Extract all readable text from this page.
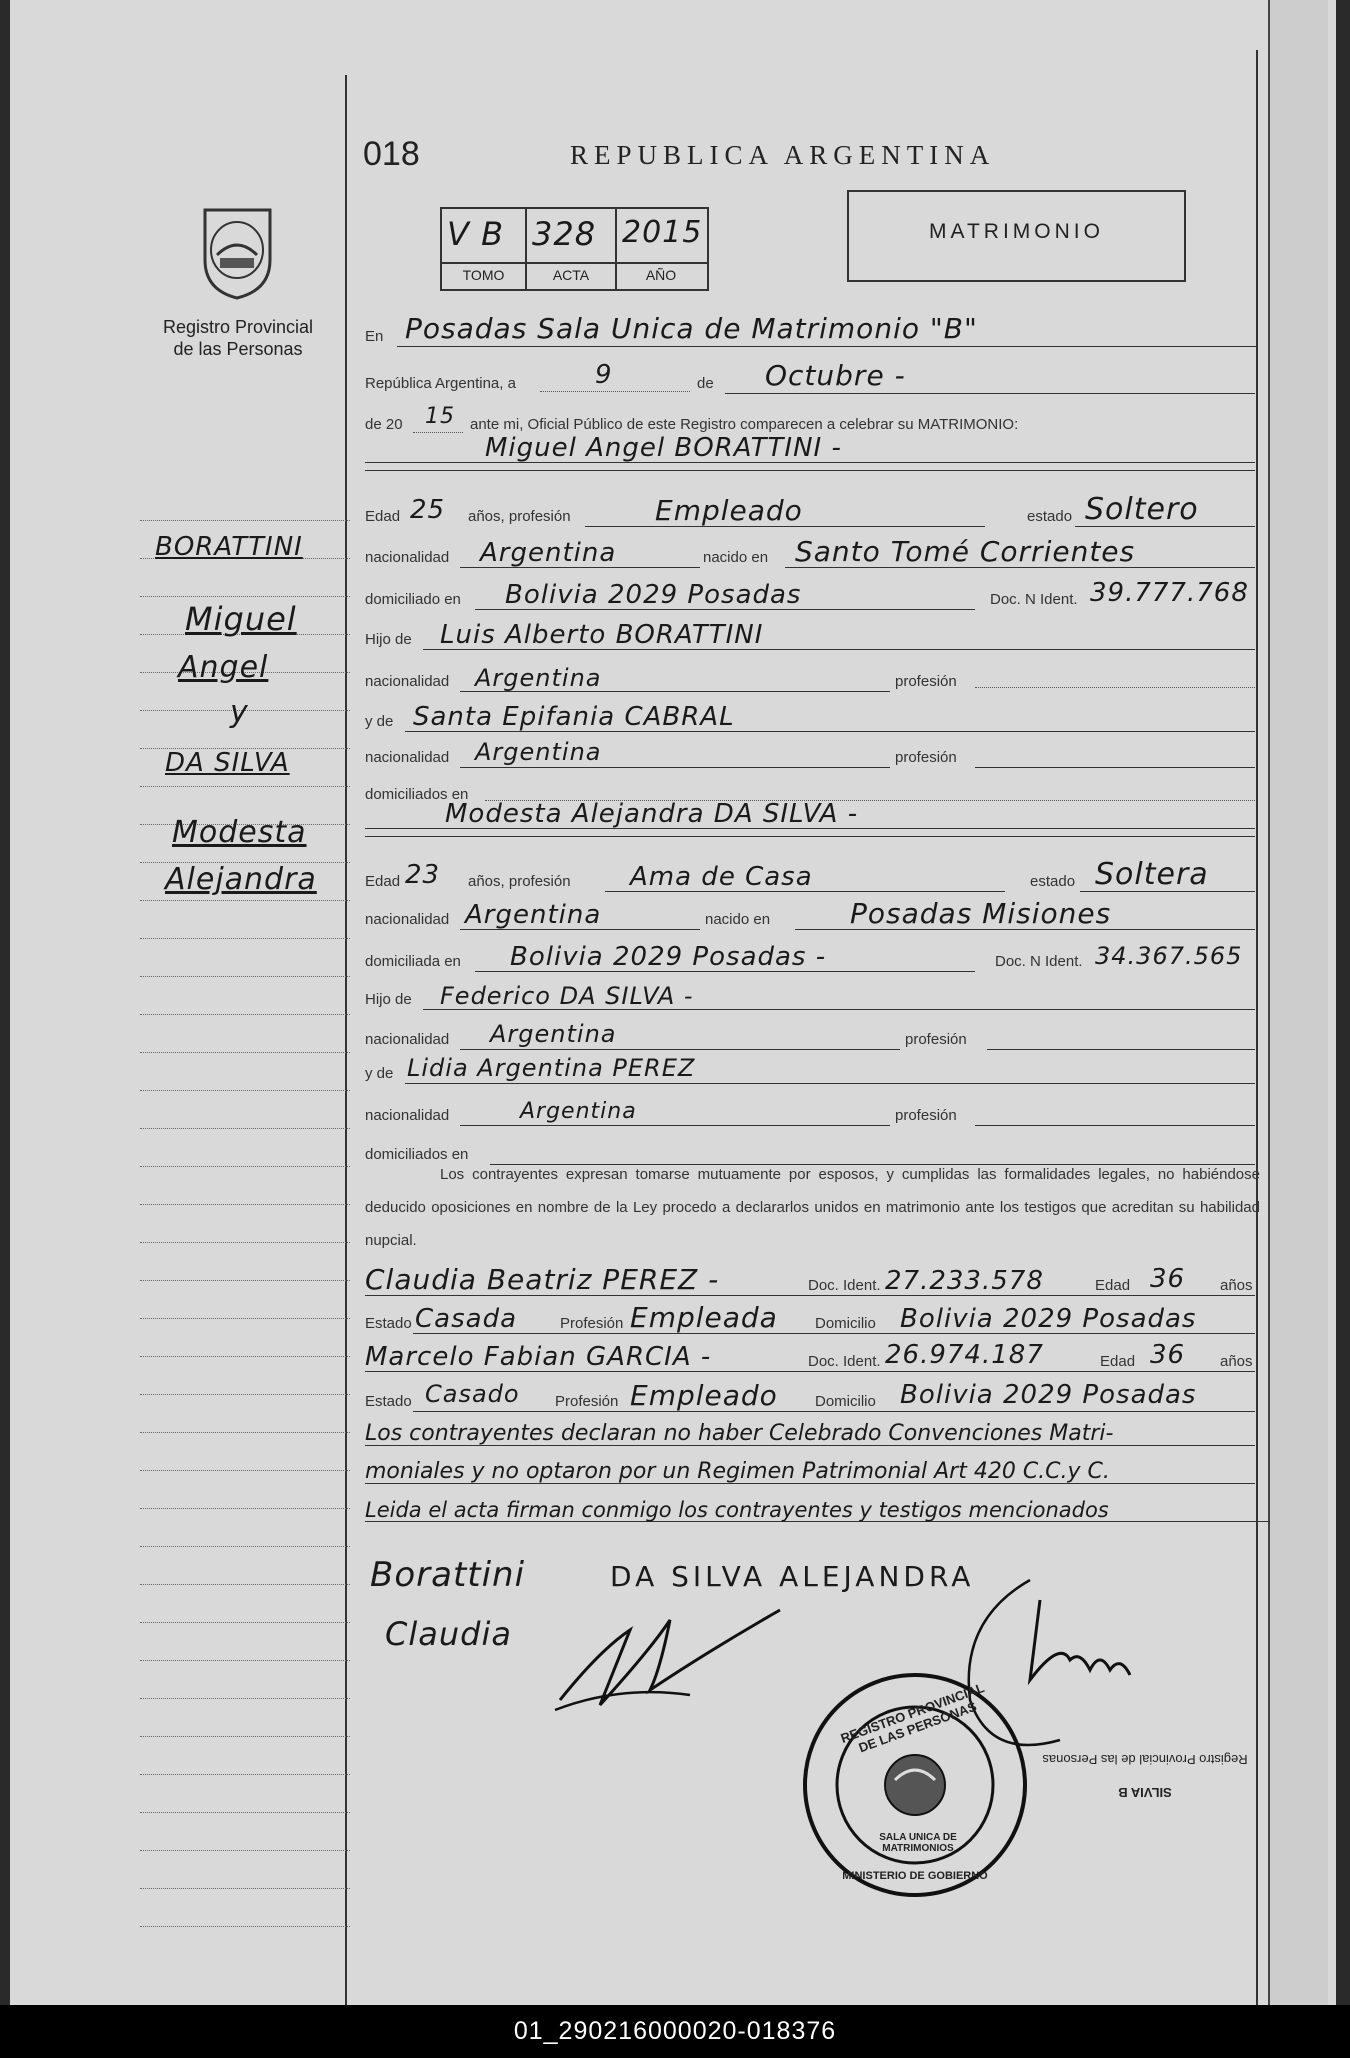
Registro Provincial
de las Personas
018	REPUBLICA ARGENTINA
V B 328 2015
TOMO	ACTA	AÑO
MATRIMONIO
BORATTINI
Miguel
Angel
y
DA SILVA
Modesta
Alejandra
En Posadas Sala Unica de Matrimonio "B"
República Argentina, a	9	de Octubre -
de 20 15 ante mi, Oficial Público de este Registro comparecen a celebrar su MATRIMONIO:
Miguel Angel BORATTINI -
Edad 25 años, profesión	Empleado	estado Soltero
nacionalidad Argentina	nacido en Santo Tomé Corrientes
domiciliado en Bolivia 2029 Posadas	Doc. N Ident. 39.777.768
Hijo de Luis Alberto BORATTINI
nacionalidad Argentina	profesión
y de Santa Epifania CABRAL
nacionalidad Argentina	profesión
domiciliados en
Modesta Alejandra DA SILVA -
Edad 23 años, profesión Ama de Casa	estado Soltera
nacionalidad Argentina	nacido en	Posadas Misiones
domiciliada en Bolivia 2029 Posadas -	Doc. N Ident. 34.367.565
Hijo de Federico DA SILVA -
nacionalidad Argentina	profesión
y de Lidia Argentina PEREZ
nacionalidad	Argentina	profesión
domiciliados en
Los contrayentes expresan tomarse mutuamente por esposos, y cumplidas las formalidades legales, no habiéndose deducido oposiciones en nombre de la Ley procedo a declararlos unidos en matrimonio ante los testigos que acreditan su habilidad nupcial.
Claudia Beatriz PEREZ -	Doc. Ident. 27.233.578	Edad 36 años
Estado Casada	Profesión Empleada Domicilio Bolivia 2029 Posadas
Marcelo Fabian GARCIA -	Doc. Ident. 26.974.187	Edad 36 años
Estado Casado Profesión Empleado Domicilio Bolivia 2029 Posadas
Los contrayentes declaran no haber Celebrado Convenciones Matri-
moniales y no optaron por un Regimen Patrimonial Art 420 C.C.y C.
Leida el acta firman conmigo los contrayentes y testigos mencionados
Borattini	DA SILVA ALEJANDRA
Claudia
REGISTRO PROVINCIAL DE LAS PERSONAS
SALA UNICA DE MATRIMONIOS
MINISTERIO DE GOBIERNO
Registro Provincial de las Personas
SILVIA B
01_290216000020-018376
